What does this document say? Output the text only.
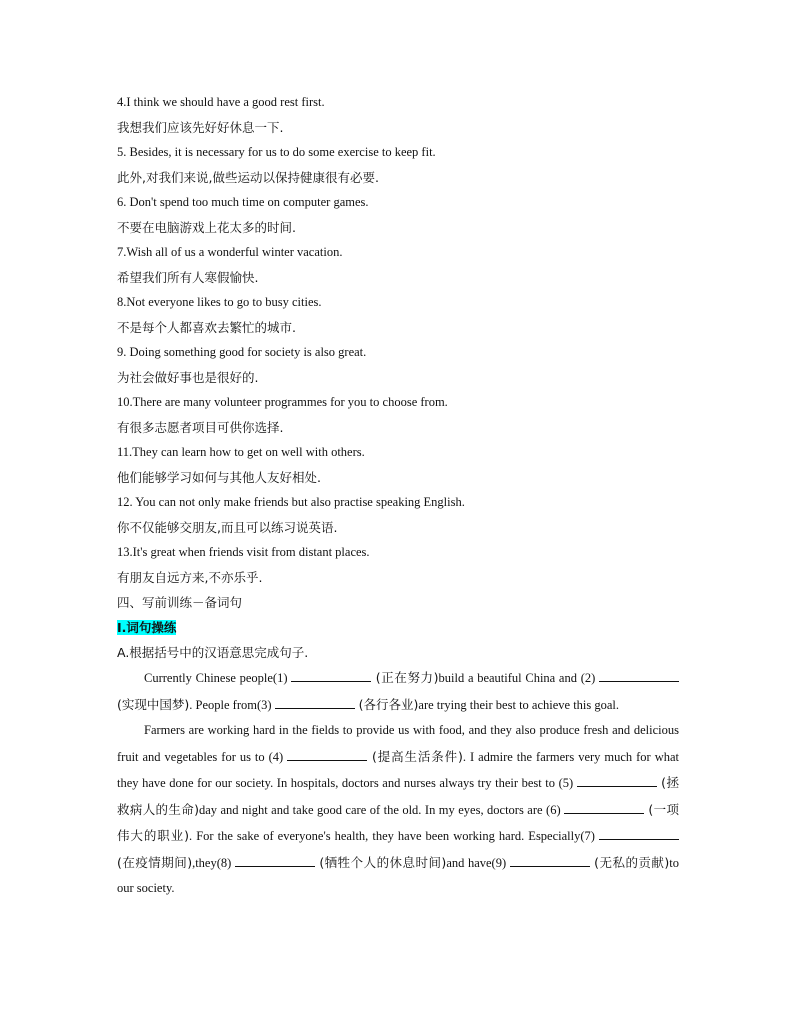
4.I think we should have a good rest first.
我想我们应该先好好休息一下.
5. Besides, it is necessary for us to do some exercise to keep fit.
此外,对我们来说,做些运动以保持健康很有必要.
6. Don't spend too much time on computer games.
不要在电脑游戏上花太多的时间.
7.Wish all of us a wonderful winter vacation.
希望我们所有人寒假愉快.
8.Not everyone likes to go to busy cities.
不是每个人都喜欢去繁忙的城市.
9. Doing something good for society is also great.
为社会做好事也是很好的.
10.There are many volunteer programmes for you to choose from.
有很多志愿者项目可供你选择.
11.They can learn how to get on well with others.
他们能够学习如何与其他人友好相处.
12. You can not only make friends but also practise speaking English.
你不仅能够交朋友,而且可以练习说英语.
13.It's great when friends visit from distant places.
有朋友自远方来,不亦乐乎.
四、写前训练－备词句
I.词句操练
A.根据括号中的汉语意思完成句子.

Currently Chinese people(1)	(正在努力)build a beautiful China and (2)  (实现中国梦). People from(3)	(各行各业)are trying their best to achieve this goal.

Farmers are working hard in the fields to provide us with food, and they also produce fresh and delicious fruit and vegetables for us to (4)	(提高生活条件). I admire the farmers very much for what they have done for our society. In hospitals, doctors and nurses always try their best to (5)	(拯救病人的生命)day and night and take good care of the old. In my eyes, doctors are (6)	(一项伟大的职业). For the sake of everyone's health, they have been working hard. Especially(7)  (在疫情期间),they(8)	(牺牲个人的休息时间)and have(9)	(无私的贡献)to our society.
